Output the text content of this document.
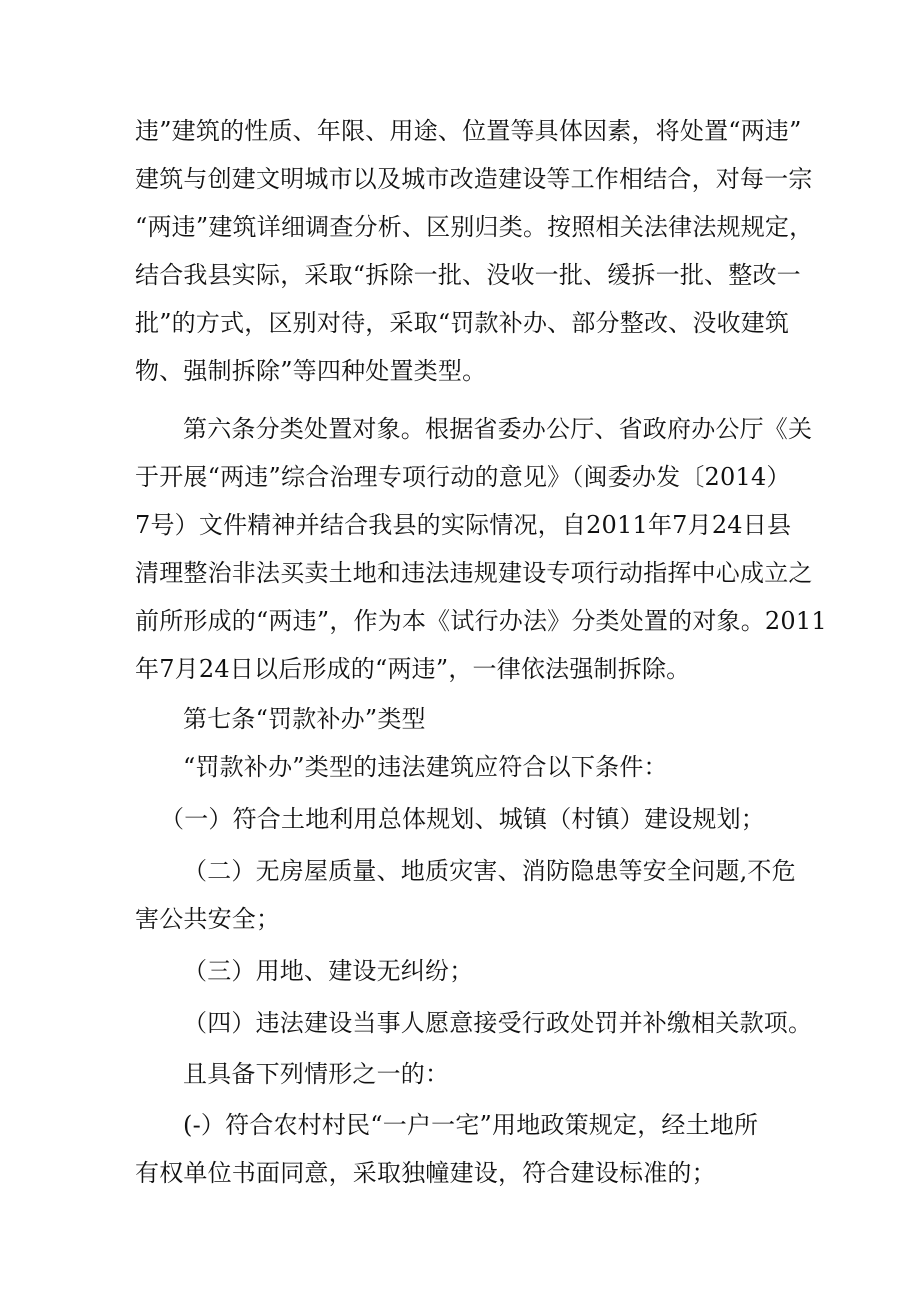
违”建筑的性质、年限、用途、位置等具体因素，将处置“两违”
建筑与创建文明城市以及城市改造建设等工作相结合，对每一宗
“两违”建筑详细调查分析、区别归类。按照相关法律法规规定，
结合我县实际，采取“拆除一批、没收一批、缓拆一批、整改一
批”的方式，区别对待，采取“罚款补办、部分整改、没收建筑
物、强制拆除”等四种处置类型。
第六条分类处置对象。根据省委办公厅、省政府办公厅《关
于开展“两违”综合治理专项行动的意见》（闽委办发〔2014）
7号）文件精神并结合我县的实际情况，自2011年7月24日县
清理整治非法买卖土地和违法违规建设专项行动指挥中心成立之
前所形成的“两违”，作为本《试行办法》分类处置的对象。2011
年7月24日以后形成的“两违”，一律依法强制拆除。
第七条“罚款补办”类型
“罚款补办”类型的违法建筑应符合以下条件：
（一）符合土地利用总体规划、城镇（村镇）建设规划；
（二）无房屋质量、地质灾害、消防隐患等安全问题,不危
害公共安全；
（三）用地、建设无纠纷；
（四）违法建设当事人愿意接受行政处罚并补缴相关款项。
且具备下列情形之一的：
(-）符合农村村民“一户一宅”用地政策规定，经土地所
有权单位书面同意，采取独幢建设，符合建设标准的；
